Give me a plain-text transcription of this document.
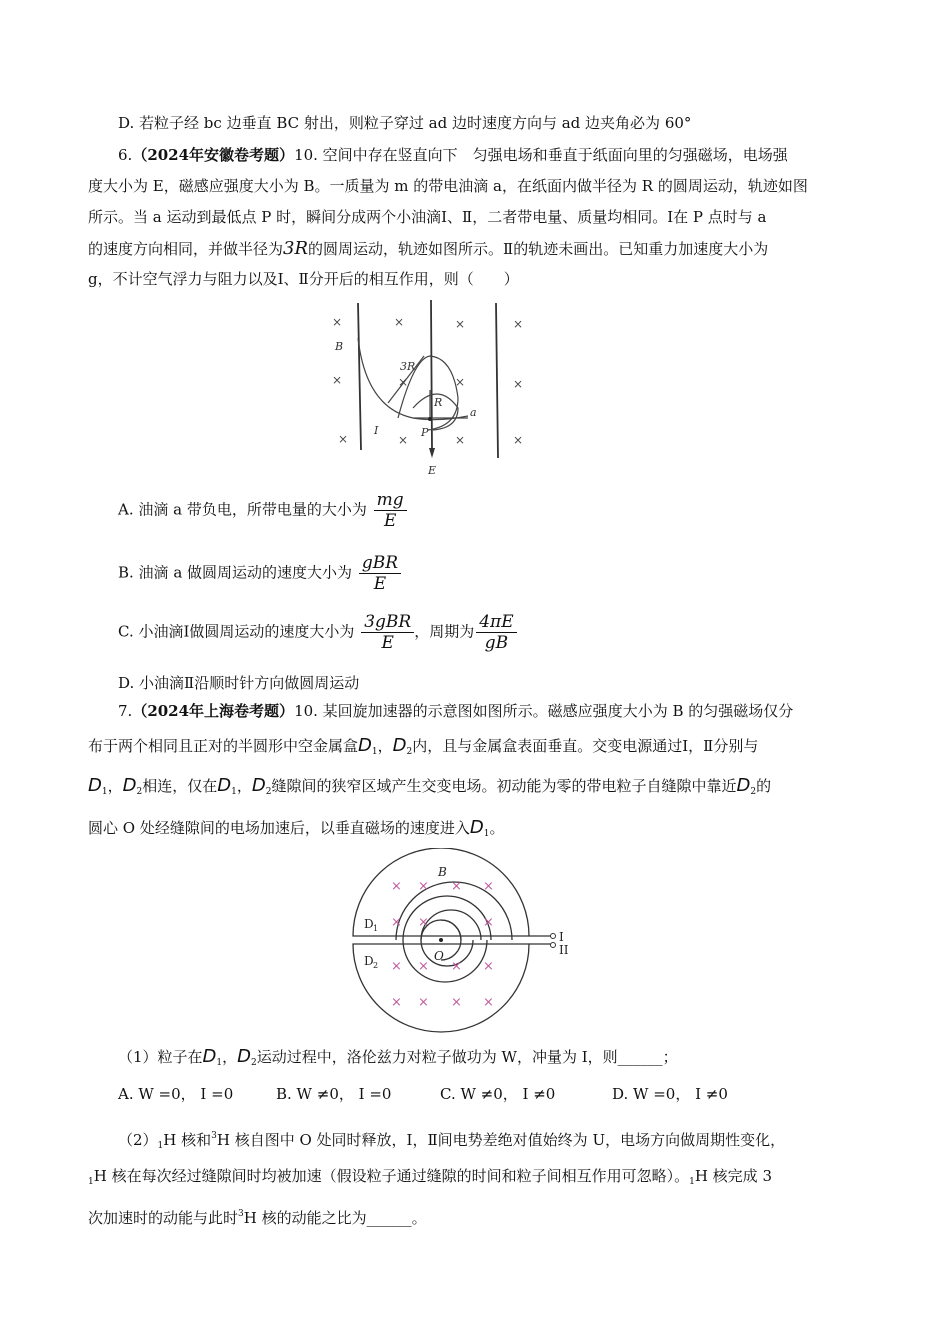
D. 若粒子经 bc 边垂直 BC 射出，则粒子穿过 ad 边时速度方向与 ad 边夹角必为 60°
6.（2024年安徽卷考题）10. 空间中存在竖直向下　匀强电场和垂直于纸面向里的匀强磁场，电场强
度大小为 E，磁感应强度大小为 B。一质量为 m 的带电油滴 a，在纸面内做半径为 R 的圆周运动，轨迹如图
所示。当 a 运动到最低点 P 时，瞬间分成两个小油滴Ⅰ、Ⅱ，二者带电量、质量均相同。Ⅰ在 P 点时与 a
的速度方向相同，并做半径为3R的圆周运动，轨迹如图所示。Ⅱ的轨迹未画出。已知重力加速度大小为
g，不计空气浮力与阻力以及Ⅰ、Ⅱ分开后的相互作用，则（　　）
×	×	×	×
×	×	×	×
×	×	×	×
B
3R
R
P
a
Ⅰ
E
A. 油滴 a 带负电，所带电量的大小为 $\frac{mg}{E}$
B. 油滴 a 做圆周运动的速度大小为 $\frac{\text{gBR}}{E}$
C. 小油滴Ⅰ做圆周运动的速度大小为 $\frac{\text{3gBR}}{E}$ ，周期为 $\frac{4\pi E}{gB}$
D. 小油滴Ⅱ沿顺时针方向做圆周运动
7.（2024年上海卷考题）10. 某回旋加速器的示意图如图所示。磁感应强度大小为 B 的匀强磁场仅分
布于两个相同且正对的半圆形中空金属盒$D_1$，$D_2$内，且与金属盒表面垂直。交变电源通过Ⅰ，Ⅱ分别与
$D_1$，$D_2$相连，仅在$D_1$，$D_2$缝隙间的狭窄区域产生交变电场。初动能为零的带电粒子自缝隙中靠近$D_2$的
圆心 O 处经缝隙间的电场加速后，以垂直磁场的速度进入$D_1$。
× × × ×
× ×	×
× × × ×
× × × ×
B
D 1
D 2
O
I
II
（1）粒子在$D_1$，$D_2$运动过程中，洛伦兹力对粒子做功为 W，冲量为 I，则______；
A. W =0， I =0	B. W ≠0， I =0	C. W ≠0， I ≠0	D. W =0， I ≠0
$(2)_1H$ 核和$^3$H 核自图中 O 处同时释放，Ⅰ，Ⅱ间电势差绝对值始终为 U，电场方向做周期性变化，
$_1$H 核在每次经过缝隙间时均被加速（假设粒子通过缝隙的时间和粒子间相互作用可忽略）。$_1$H 核完成 3
次加速时的动能与此时$^3$H 核的动能之比为______。
